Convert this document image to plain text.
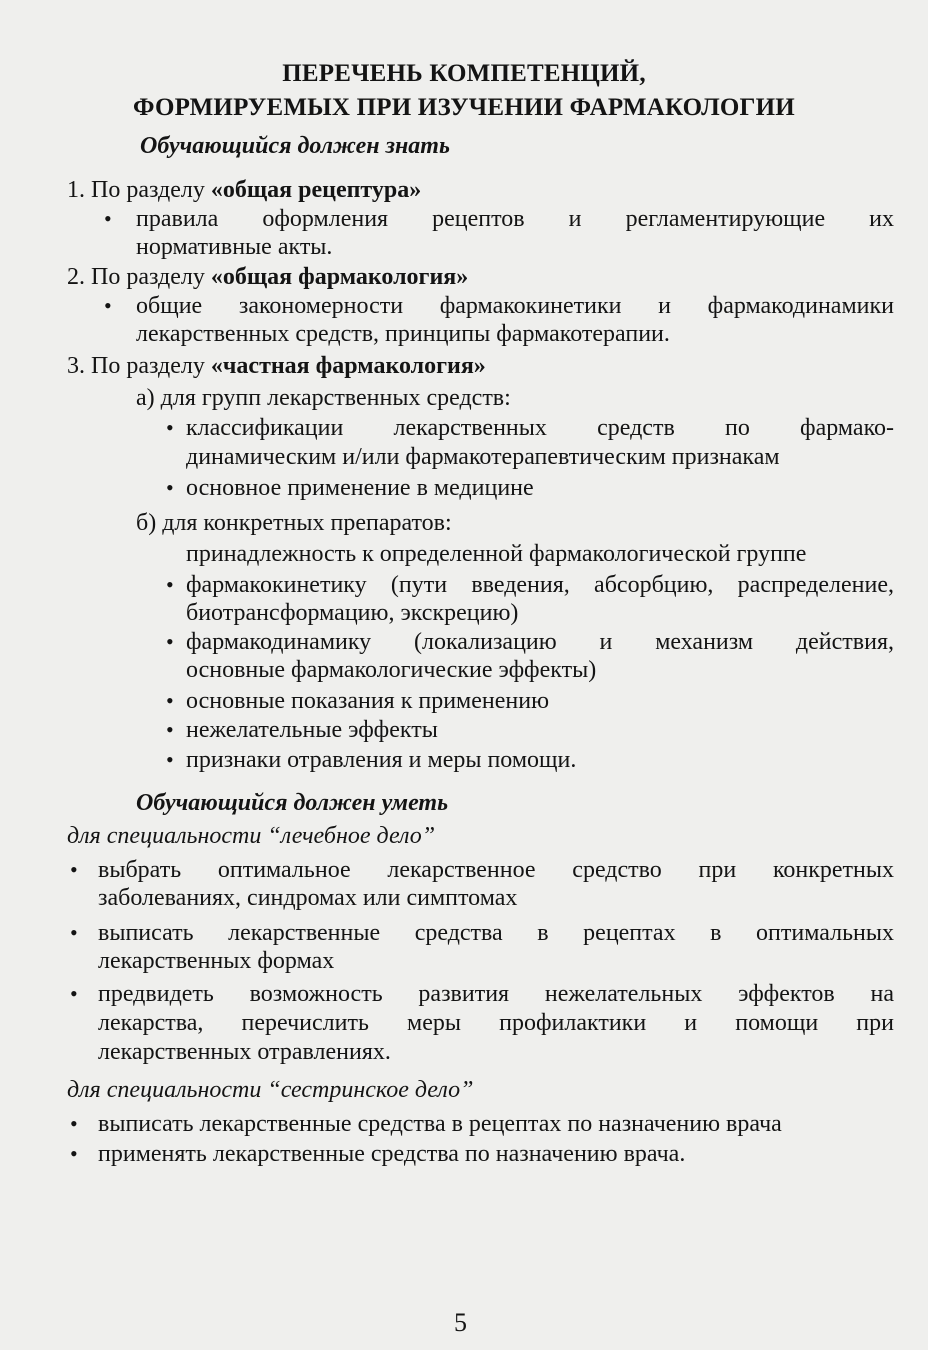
ПЕРЕЧЕНЬ КОМПЕТЕНЦИЙ,
ФОРМИРУЕМЫХ ПРИ ИЗУЧЕНИИ ФАРМАКОЛОГИИ
Обучающийся должен знать
1. По разделу «общая рецептура»
• правила оформления рецептов и регламентирующие их
нормативные акты.
2. По разделу «общая фармакология»
• общие закономерности фармакокинетики и фармакодинамики
лекарственных средств, принципы фармакотерапии.
3. По разделу «частная фармакология»
а) для групп лекарственных средств:
• классификации лекарственных средств по фармако-
динамическим и/или фармакотерапевтическим признакам
• основное применение в медицине
б) для конкретных препаратов:
принадлежность к определенной фармакологической группе
• фармакокинетику (пути введения, абсорбцию, распределение,
биотрансформацию, экскрецию)
• фармакодинамику (локализацию и механизм действия,
основные фармакологические эффекты)
• основные показания к применению
• нежелательные эффекты
• признаки отравления и меры помощи.
Обучающийся должен уметь
для специальности “лечебное дело”
• выбрать оптимальное лекарственное средство при конкретных
заболеваниях, синдромах или симптомах
• выписать лекарственные средства в рецептах в оптимальных
лекарственных формах
• предвидеть возможность развития нежелательных эффектов на
лекарства, перечислить меры профилактики и помощи при
лекарственных отравлениях.
для специальности “сестринское дело”
• выписать лекарственные средства в рецептах по назначению врача
• применять лекарственные средства по назначению врача.
5
